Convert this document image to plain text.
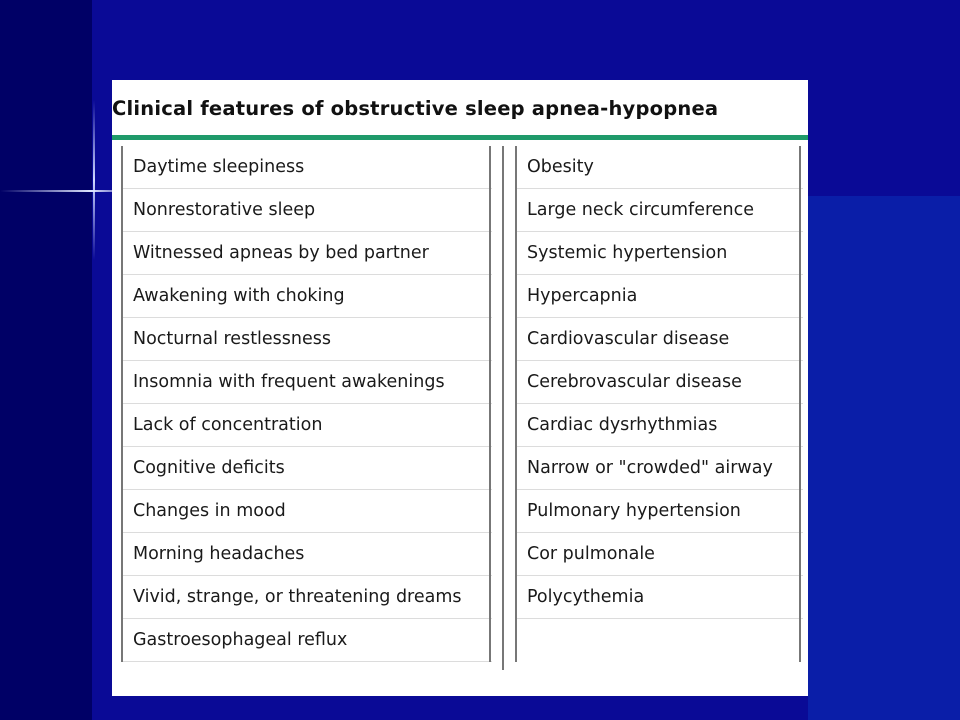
Clinical features of obstructive sleep apnea-hypopnea
Daytime sleepiness
Nonrestorative sleep
Witnessed apneas by bed partner
Awakening with choking
Nocturnal restlessness
Insomnia with frequent awakenings
Lack of concentration
Cognitive deficits
Changes in mood
Morning headaches
Vivid, strange, or threatening dreams
Gastroesophageal reflux
Obesity
Large neck circumference
Systemic hypertension
Hypercapnia
Cardiovascular disease
Cerebrovascular disease
Cardiac dysrhythmias
Narrow or "crowded" airway
Pulmonary hypertension
Cor pulmonale
Polycythemia
